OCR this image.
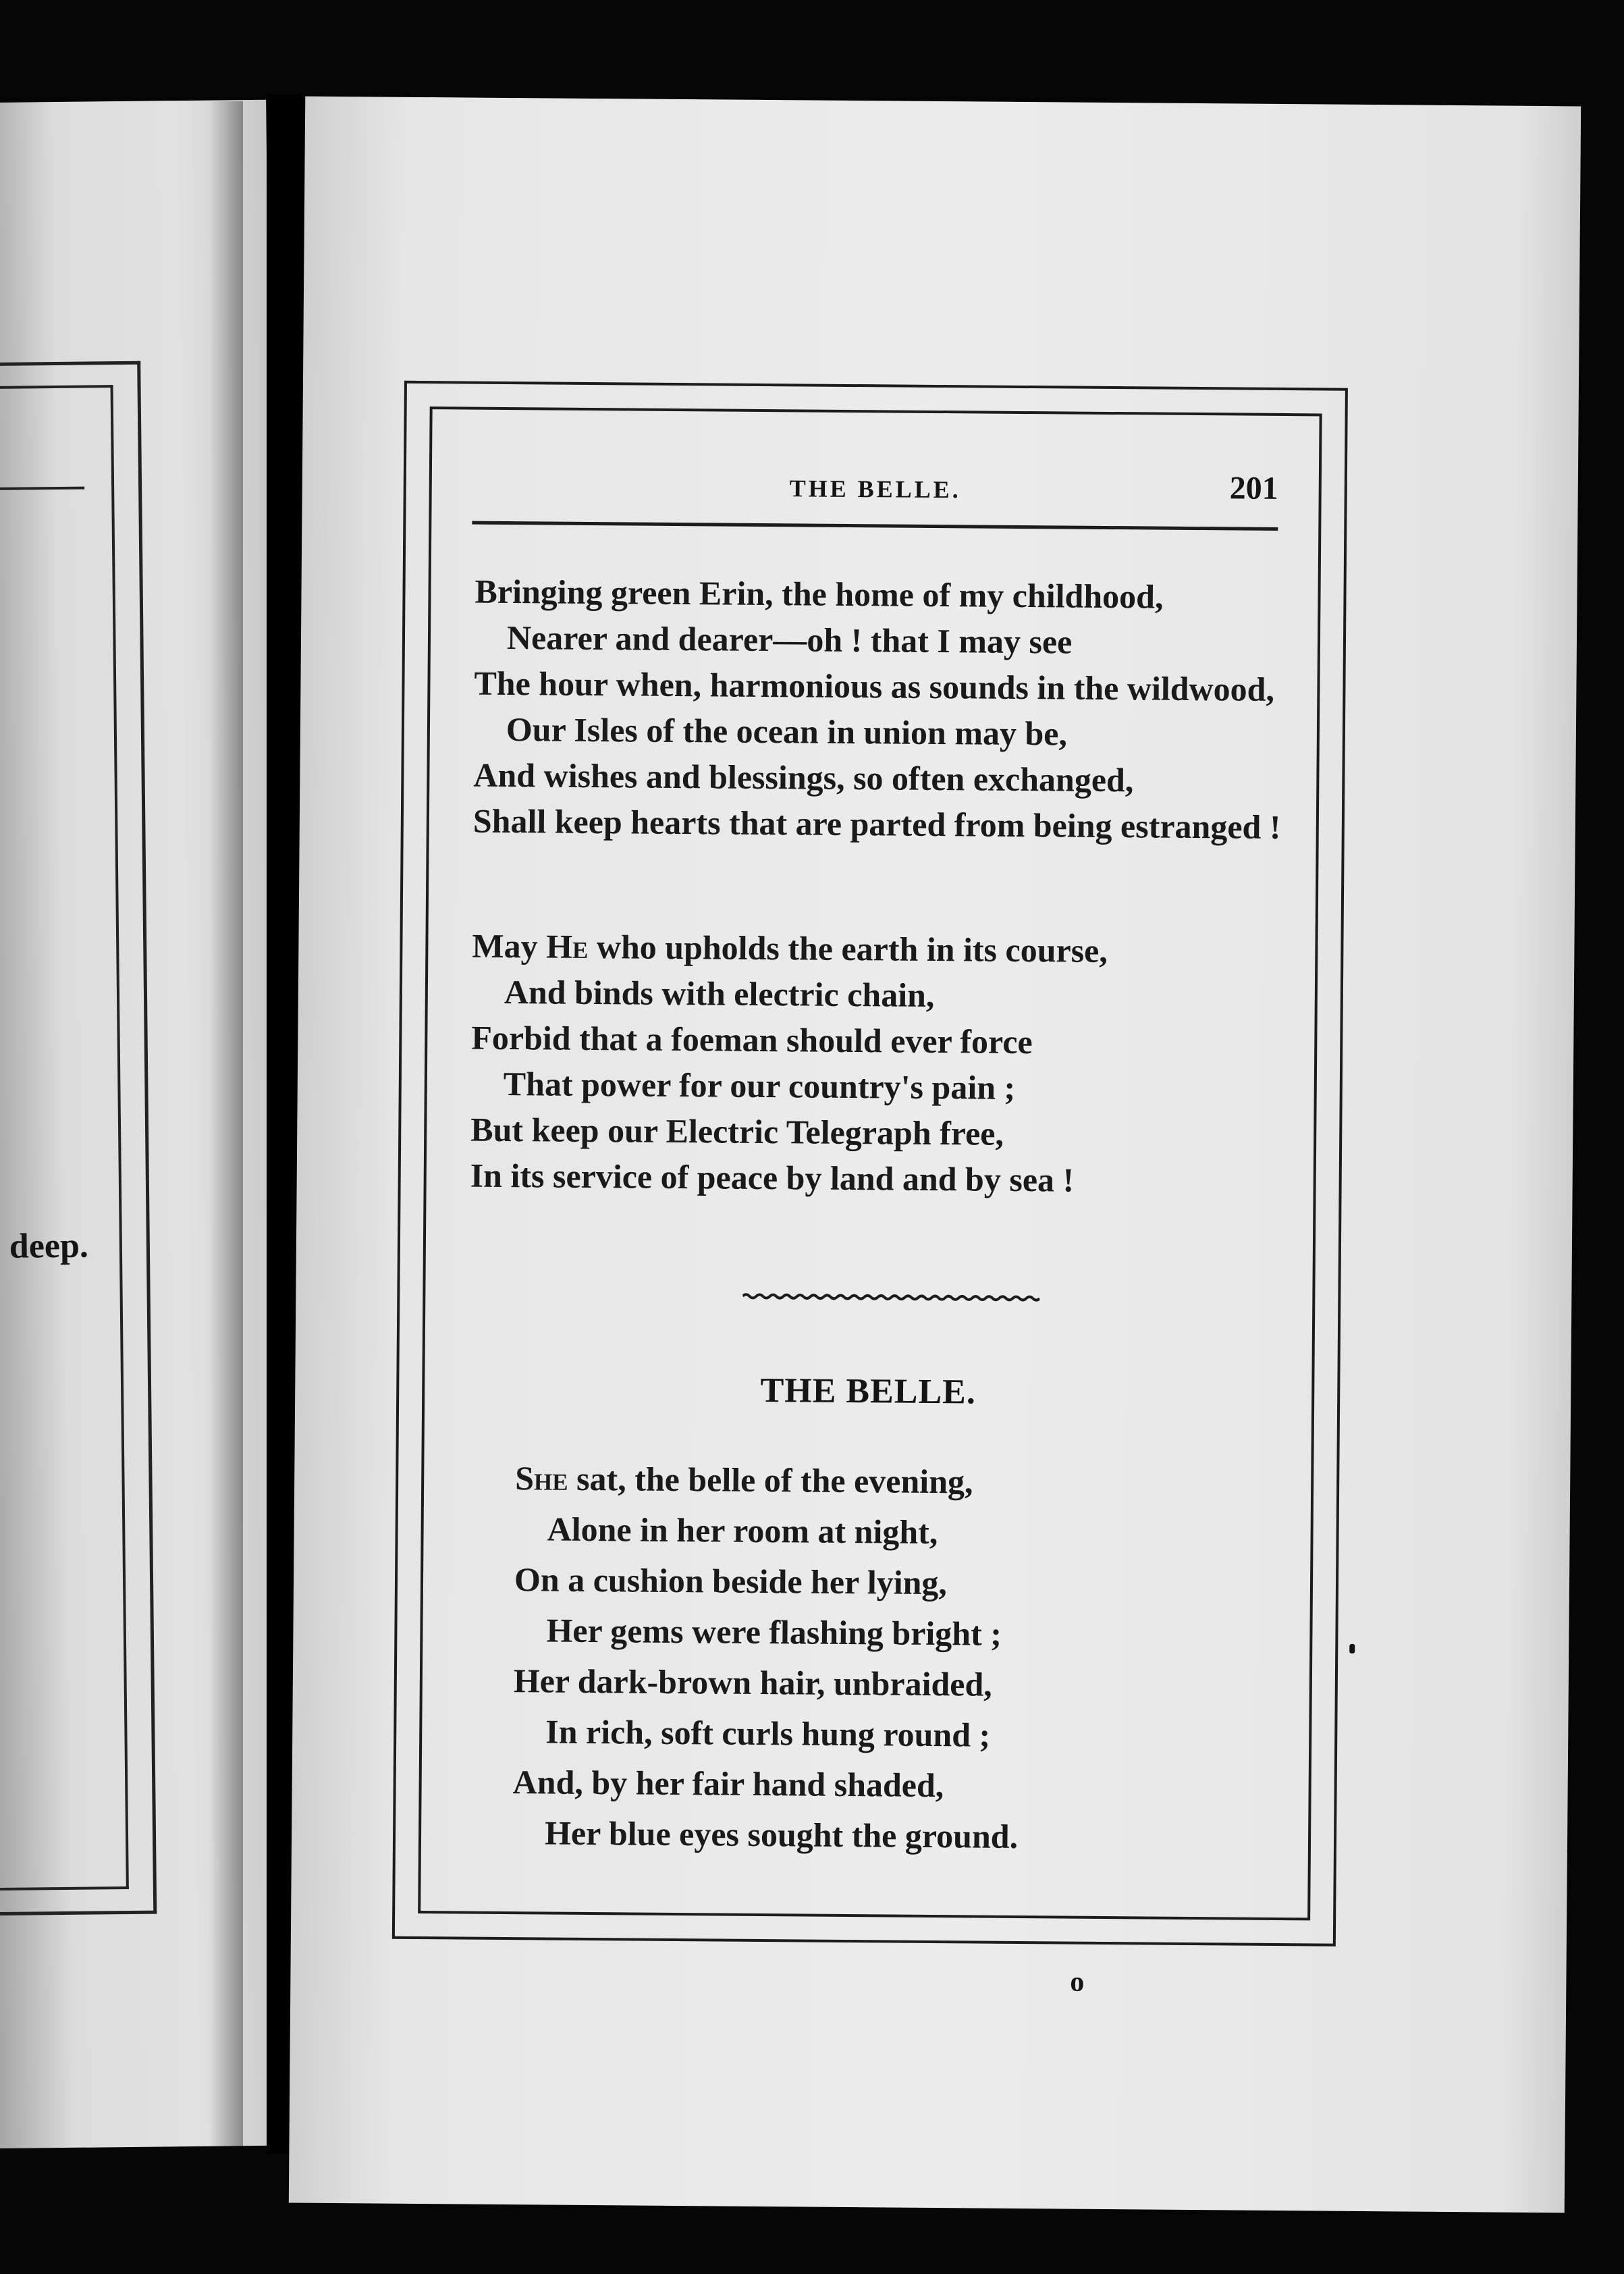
deep.
THE BELLE.	201
Bringing green Erin, the home of my childhood,
Nearer and dearer—oh ! that I may see
The hour when, harmonious as sounds in the wildwood,
Our Isles of the ocean in union may be,
And wishes and blessings, so often exchanged,
Shall keep hearts that are parted from being estranged !
May He who upholds the earth in its course,
And binds with electric chain,
Forbid that a foeman should ever force
That power for our country's pain ;
But keep our Electric Telegraph free,
In its service of peace by land and by sea !
THE BELLE.
She sat, the belle of the evening,
Alone in her room at night,
On a cushion beside her lying,
Her gems were flashing bright ;
Her dark-brown hair, unbraided,
In rich, soft curls hung round ;
And, by her fair hand shaded,
Her blue eyes sought the ground.
o
